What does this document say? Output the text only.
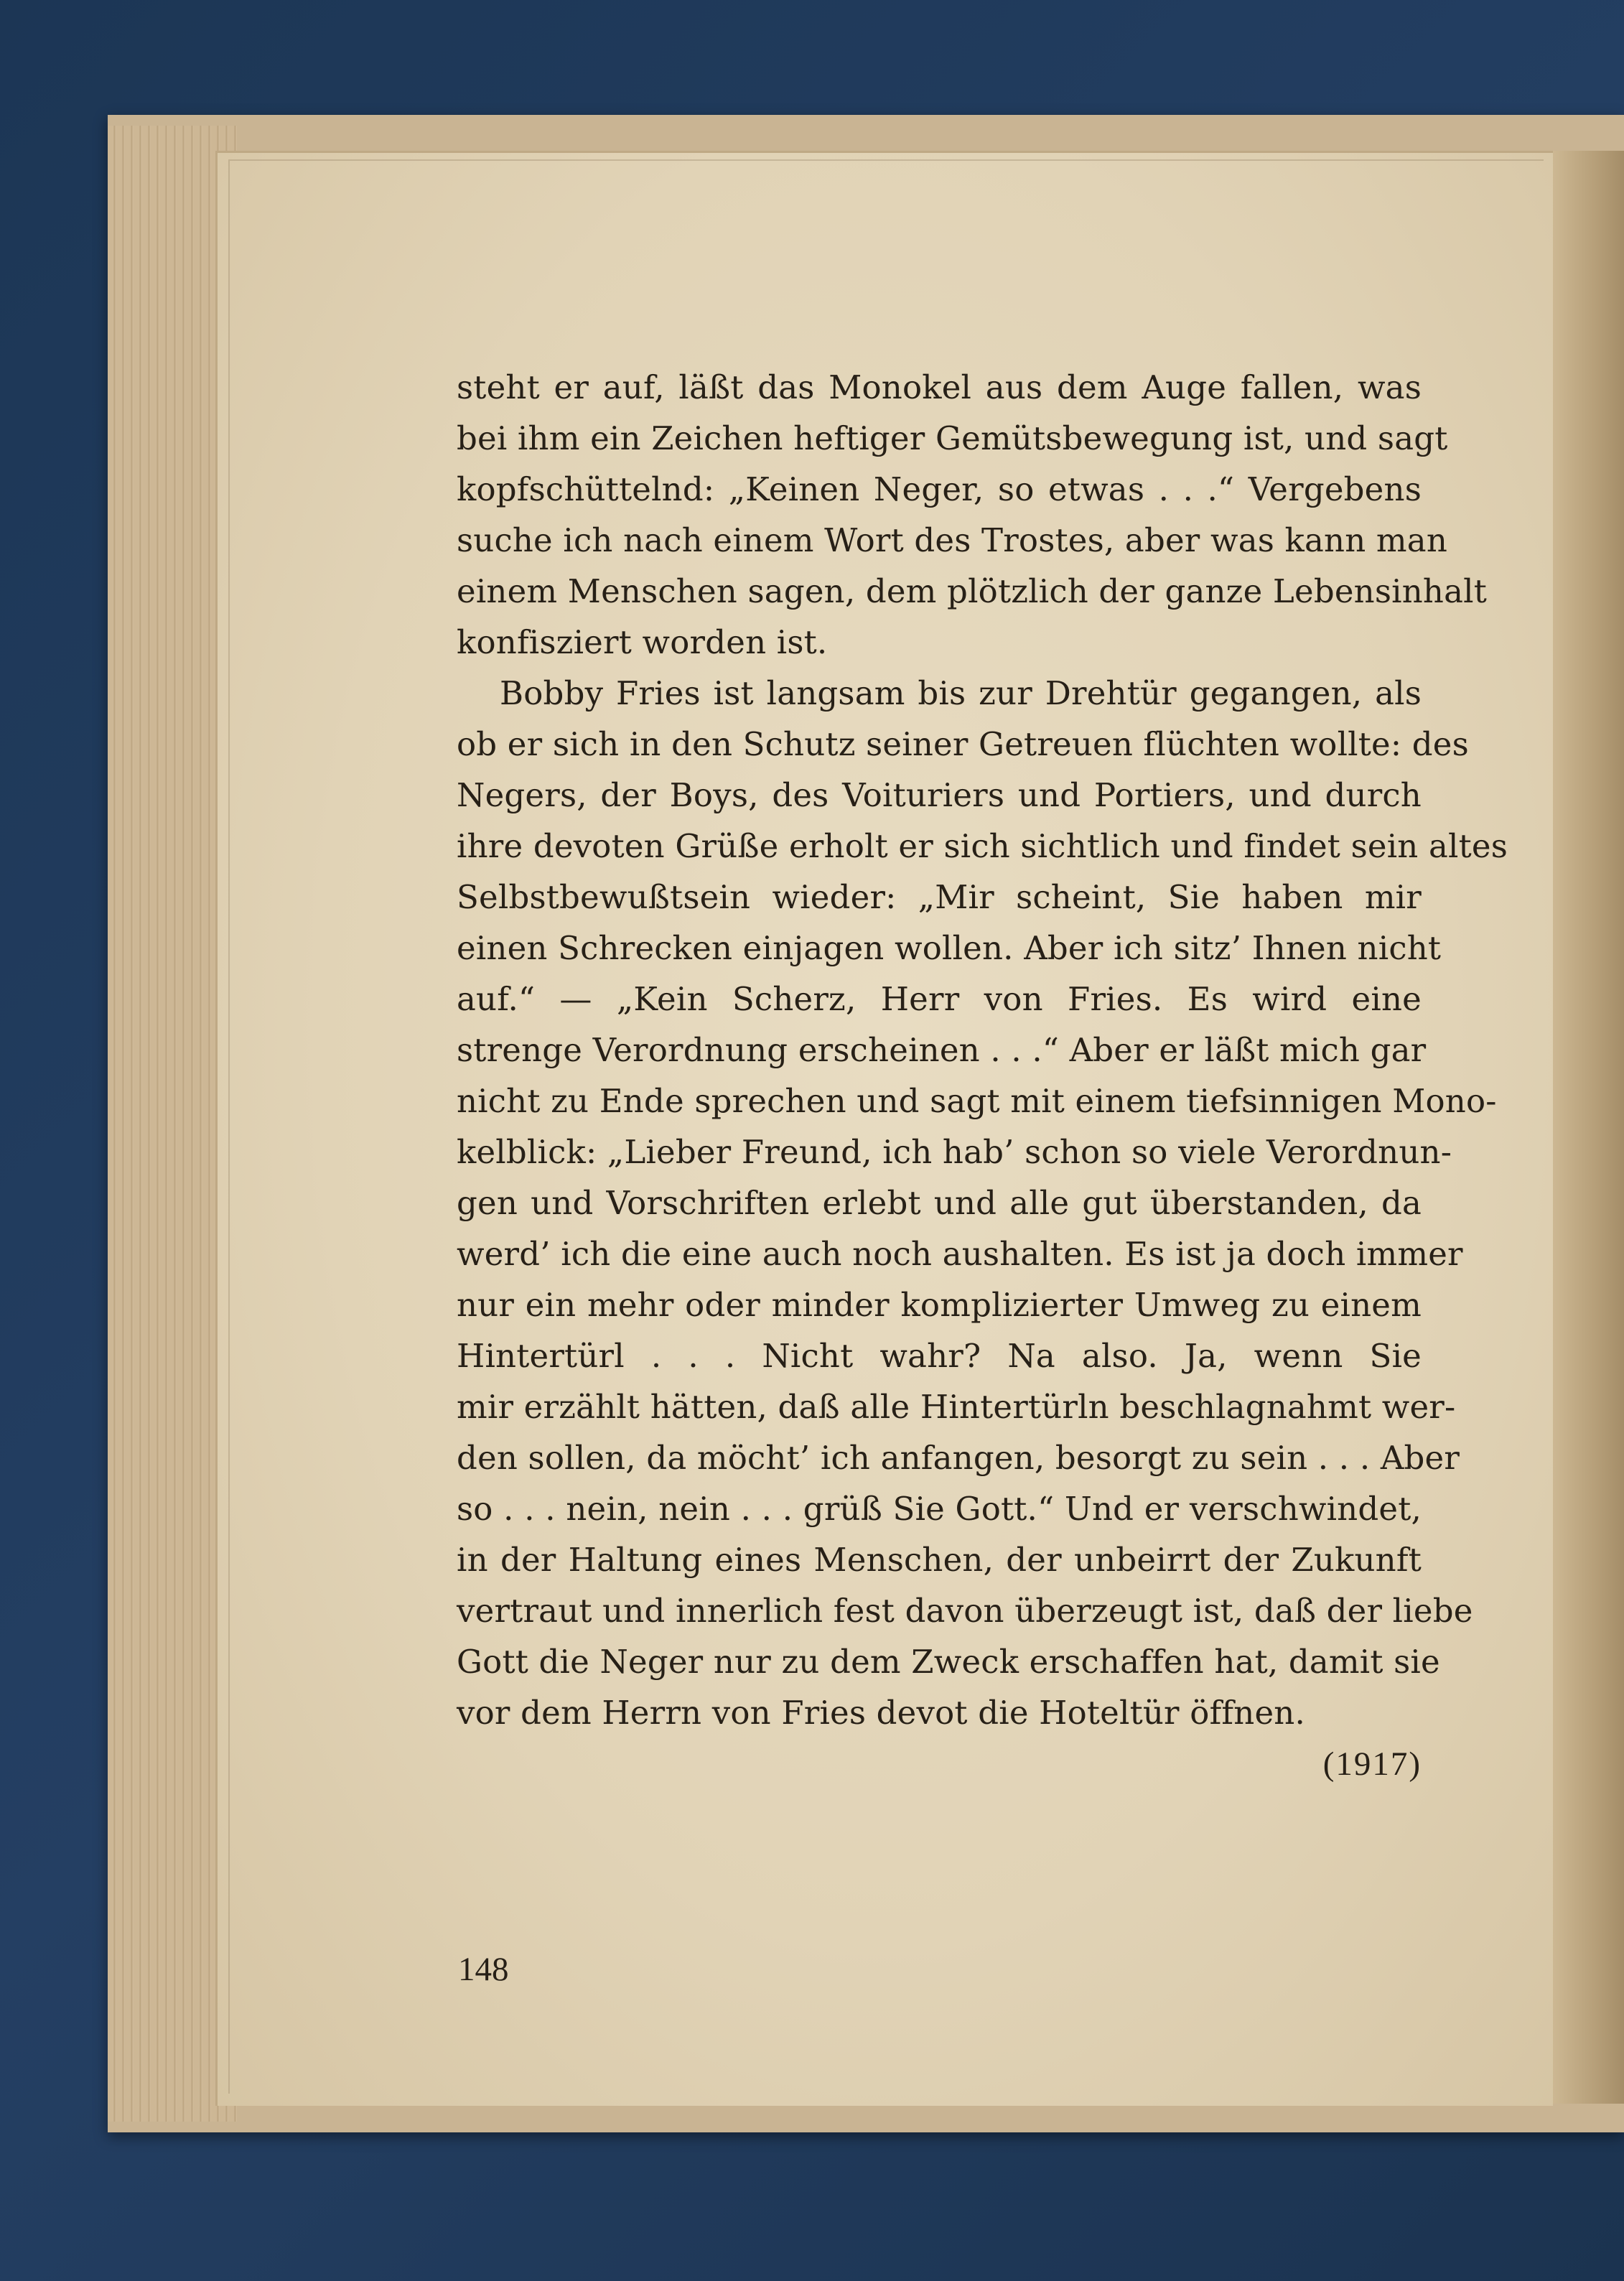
steht er auf, läßt das Monokel aus dem Auge fallen, was
bei ihm ein Zeichen heftiger Gemütsbewegung ist, und sagt
kopfschüttelnd: „Keinen Neger, so etwas . . .“ Vergebens
suche ich nach einem Wort des Trostes, aber was kann man
einem Menschen sagen, dem plötzlich der ganze Lebensinhalt
konfisziert worden ist.
Bobby Fries ist langsam bis zur Drehtür gegangen, als
ob er sich in den Schutz seiner Getreuen flüchten wollte: des
Negers, der Boys, des Voituriers und Portiers, und durch
ihre devoten Grüße erholt er sich sichtlich und findet sein altes
Selbstbewußtsein wieder: „Mir scheint, Sie haben mir
einen Schrecken einjagen wollen. Aber ich sitz’ Ihnen nicht
auf.“ — „Kein Scherz, Herr von Fries. Es wird eine
strenge Verordnung erscheinen . . .“ Aber er läßt mich gar
nicht zu Ende sprechen und sagt mit einem tiefsinnigen Mono-
kelblick: „Lieber Freund, ich hab’ schon so viele Verordnun-
gen und Vorschriften erlebt und alle gut überstanden, da
werd’ ich die eine auch noch aushalten. Es ist ja doch immer
nur ein mehr oder minder komplizierter Umweg zu einem
Hintertürl . . . Nicht wahr? Na also. Ja, wenn Sie
mir erzählt hätten, daß alle Hintertürln beschlagnahmt wer-
den sollen, da möcht’ ich anfangen, besorgt zu sein . . . Aber
so . . . nein, nein . . . grüß Sie Gott.“ Und er verschwindet,
in der Haltung eines Menschen, der unbeirrt der Zukunft
vertraut und innerlich fest davon überzeugt ist, daß der liebe
Gott die Neger nur zu dem Zweck erschaffen hat, damit sie
vor dem Herrn von Fries devot die Hoteltür öffnen.
(1917)
148
